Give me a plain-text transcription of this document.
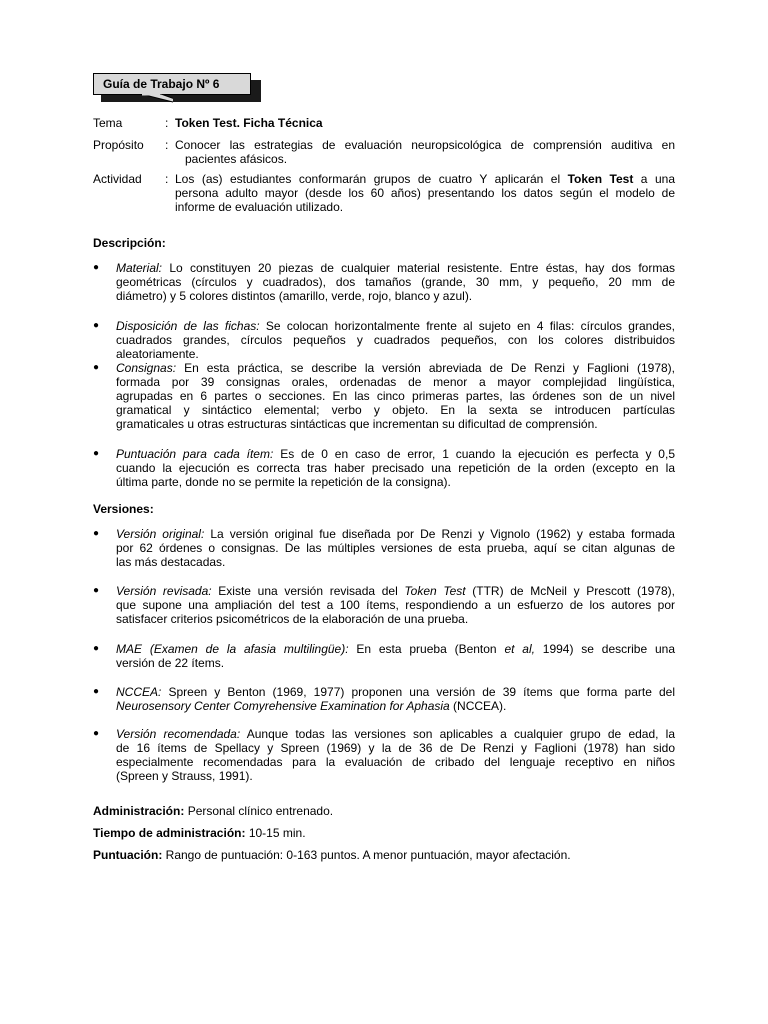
Guía de Trabajo Nº 6
Tema	: Token Test. Ficha Técnica
Propósito : Conocer las estrategias de evaluación neuropsicológica de comprensión auditiva en
pacientes afásicos.
Actividad : Los (as) estudiantes conformarán grupos de cuatro Y aplicarán el Token Test a una
persona adulto mayor (desde los 60 años) presentando los datos según el modelo de
informe de evaluación utilizado.
Descripción:
● Material: Lo constituyen 20 piezas de cualquier material resistente. Entre éstas, hay dos formas
geométricas (círculos y cuadrados), dos tamaños (grande, 30 mm, y pequeño, 20 mm de
diámetro) y 5 colores distintos (amarillo, verde, rojo, blanco y azul).
● Disposición de las fichas: Se colocan horizontalmente frente al sujeto en 4 filas: círculos grandes,
cuadrados grandes, círculos pequeños y cuadrados pequeños, con los colores distribuidos
aleatoriamente.
● Consignas: En esta práctica, se describe la versión abreviada de De Renzi y Faglioni (1978),
formada por 39 consignas orales, ordenadas de menor a mayor complejidad lingüística,
agrupadas en 6 partes o secciones. En las cinco primeras partes, las órdenes son de un nivel
gramatical y sintáctico elemental; verbo y objeto. En la sexta se introducen partículas
gramaticales u otras estructuras sintácticas que incrementan su dificultad de comprensión.
● Puntuación para cada ítem: Es de 0 en caso de error, 1 cuando la ejecución es perfecta y 0,5
cuando la ejecución es correcta tras haber precisado una repetición de la orden (excepto en la
última parte, donde no se permite la repetición de la consigna).
Versiones:
● Versión original: La versión original fue diseñada por De Renzi y Vignolo (1962) y estaba formada
por 62 órdenes o consignas. De las múltiples versiones de esta prueba, aquí se citan algunas de
las más destacadas.
● Versión revisada: Existe una versión revisada del Token Test (TTR) de McNeil y Prescott (1978),
que supone una ampliación del test a 100 ítems, respondiendo a un esfuerzo de los autores por
satisfacer criterios psicométricos de la elaboración de una prueba.
● MAE (Examen de la afasia multilingüe): En esta prueba (Benton et al, 1994) se describe una
versión de 22 ítems.
● NCCEA: Spreen y Benton (1969, 1977) proponen una versión de 39 ítems que forma parte del
Neurosensory Center Comyrehensive Examination for Aphasia (NCCEA).
● Versión recomendada: Aunque todas las versiones son aplicables a cualquier grupo de edad, la
de 16 ítems de Spellacy y Spreen (1969) y la de 36 de De Renzi y Faglioni (1978) han sido
especialmente recomendadas para la evaluación de cribado del lenguaje receptivo en niños
(Spreen y Strauss, 1991).
Administración: Personal clínico entrenado.
Tiempo de administración: 10-15 min.
Puntuación: Rango de puntuación: 0-163 puntos. A menor puntuación, mayor afectación.
